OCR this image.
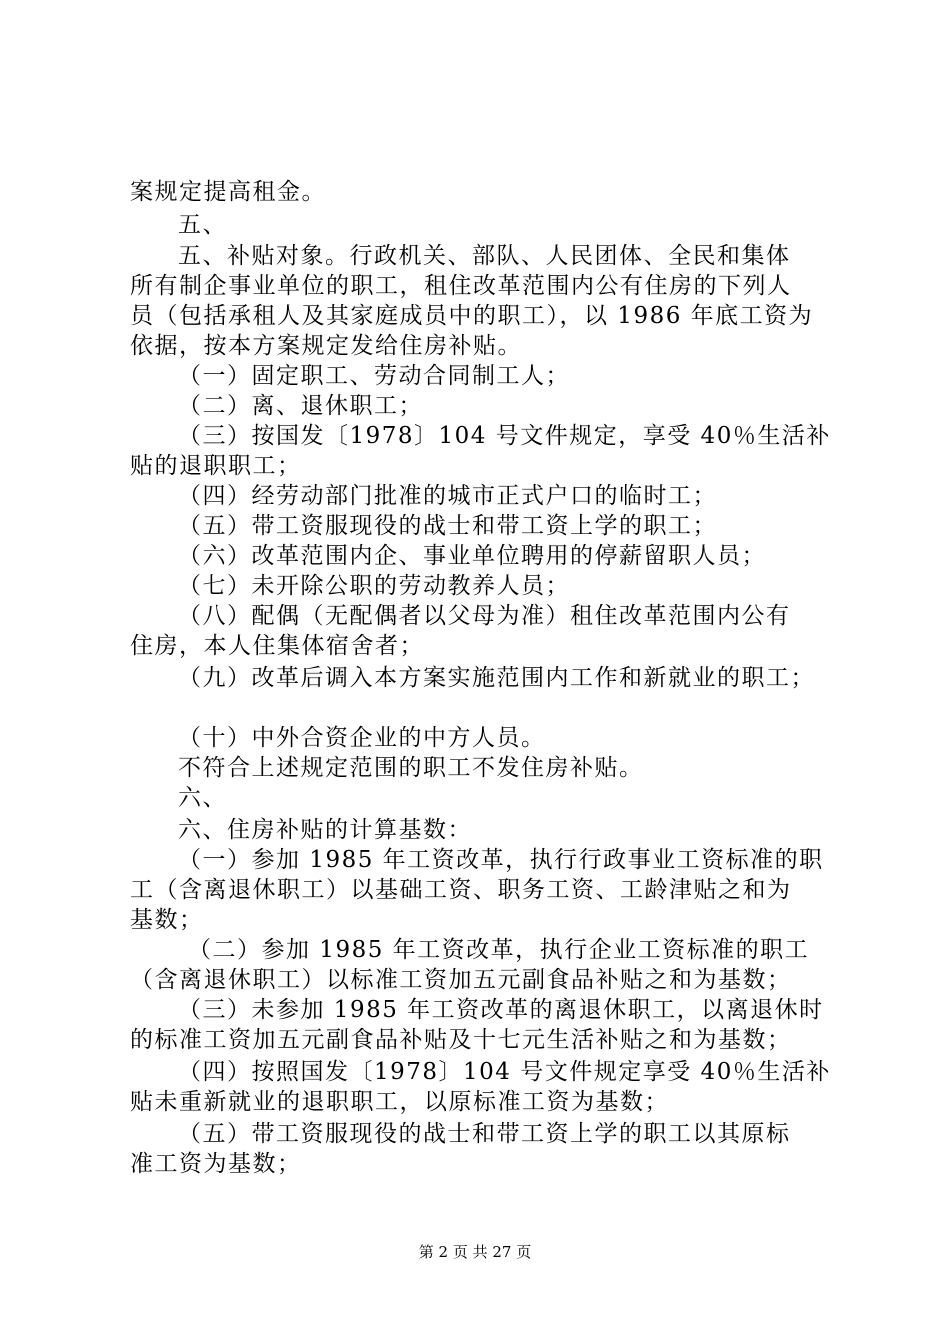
案规定提高租金。
五、
五、补贴对象。行政机关、部队、人民团体、全民和集体
所有制企事业单位的职工，租住改革范围内公有住房的下列人
员（包括承租人及其家庭成员中的职工），以 1986 年底工资为
依据，按本方案规定发给住房补贴。
（一）固定职工、劳动合同制工人；
（二）离、退休职工；
（三）按国发〔1978〕104 号文件规定，享受 40％生活补
贴的退职职工；
（四）经劳动部门批准的城市正式户口的临时工；
（五）带工资服现役的战士和带工资上学的职工；
（六）改革范围内企、事业单位聘用的停薪留职人员；
（七）未开除公职的劳动教养人员；
（八）配偶（无配偶者以父母为准）租住改革范围内公有
住房，本人住集体宿舍者；
（九）改革后调入本方案实施范围内工作和新就业的职工；
（十）中外合资企业的中方人员。
不符合上述规定范围的职工不发住房补贴。
六、
六、住房补贴的计算基数：
（一）参加 1985 年工资改革，执行行政事业工资标准的职
工（含离退休职工）以基础工资、职务工资、工龄津贴之和为
基数；
（二）参加 1985 年工资改革，执行企业工资标准的职工
（含离退休职工）以标准工资加五元副食品补贴之和为基数；
（三）未参加 1985 年工资改革的离退休职工，以离退休时
的标准工资加五元副食品补贴及十七元生活补贴之和为基数；
（四）按照国发〔1978〕104 号文件规定享受 40％生活补
贴未重新就业的退职职工，以原标准工资为基数；
（五）带工资服现役的战士和带工资上学的职工以其原标
准工资为基数；
第 2 页 共 27 页
